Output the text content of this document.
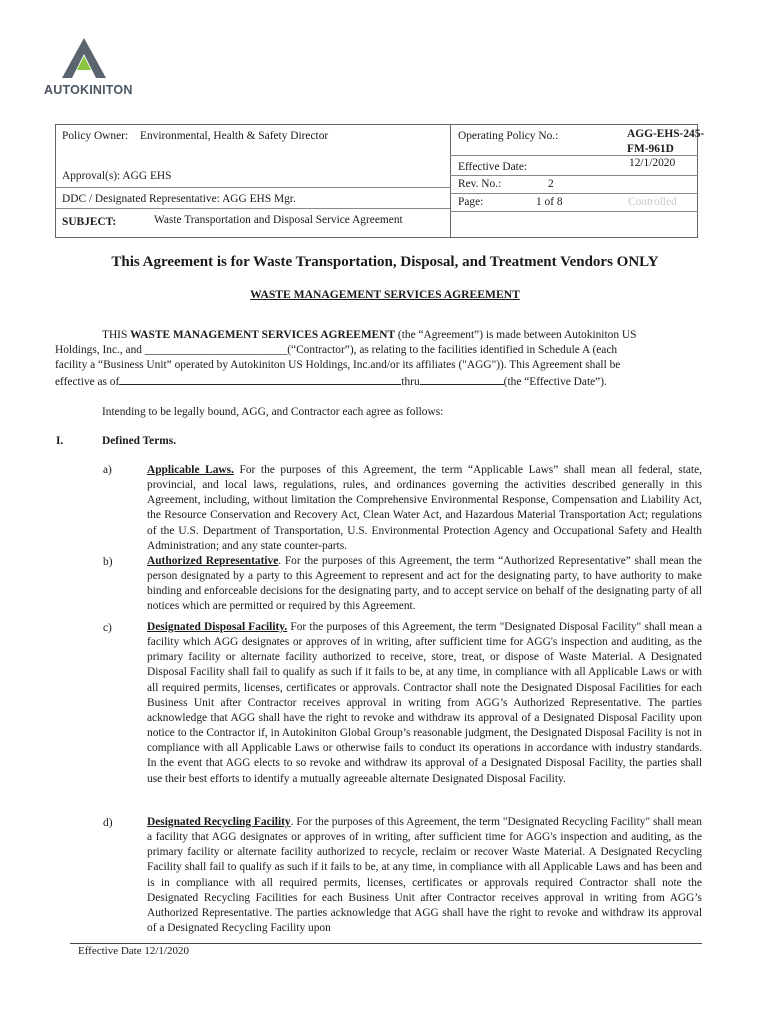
AUTOKINITON
Policy Owner: Environmental, Health & Safety Director
Approval(s): AGG EHS
DDC / Designated Representative: AGG EHS Mgr.
SUBJECT:	Waste Transportation and Disposal Service Agreement
Operating Policy No.:	AGG-EHS-245-
FM-961D
Effective Date:	12/1/2020
Rev. No.:	2
Page:	1 of 8	Controlled
This Agreement is for Waste Transportation, Disposal, and Treatment Vendors ONLY
WASTE MANAGEMENT SERVICES AGREEMENT
THIS WASTE MANAGEMENT SERVICES AGREEMENT (the “Agreement”) is made between Autokiniton US
Holdings, Inc., and _________________________(“Contractor”), as relating to the facilities identified in Schedule A (each
facility a “Business Unit” operated by Autokiniton US Holdings, Inc.and/or its affiliates ("AGG")). This Agreement shall be
effective as of	thru	(the “Effective Date”).
Intending to be legally bound, AGG, and Contractor each agree as follows:
I.	Defined Terms.
a)	Applicable Laws. For the purposes of this Agreement, the term “Applicable Laws” shall mean all federal, state, provincial, and local laws, regulations, rules, and ordinances governing the activities described generally in this Agreement, including, without limitation the Comprehensive Environmental Response, Compensation and Liability Act, the Resource Conservation and Recovery Act, Clean Water Act, and Hazardous Material Transportation Act; regulations of the U.S. Department of Transportation, U.S. Environmental Protection Agency and Occupational Safety and Health Administration; and any state counter-parts.
b)	Authorized Representative. For the purposes of this Agreement, the term “Authorized Representative” shall mean the person designated by a party to this Agreement to represent and act for the designating party, to have authority to make binding and enforceable decisions for the designating party, and to accept service on behalf of the designating party of all notices which are permitted or required by this Agreement.
c)	Designated Disposal Facility. For the purposes of this Agreement, the term "Designated Disposal Facility" shall mean a facility which AGG designates or approves of in writing, after sufficient time for AGG's inspection and auditing, as the primary facility or alternate facility authorized to receive, store, treat, or dispose of Waste Material. A Designated Disposal Facility shall fail to qualify as such if it fails to be, at any time, in compliance with all Applicable Laws or with all required permits, licenses, certificates or approvals. Contractor shall note the Designated Disposal Facilities for each Business Unit after Contractor receives approval in writing from AGG’s Authorized Representative. The parties acknowledge that AGG shall have the right to revoke and withdraw its approval of a Designated Disposal Facility upon notice to the Contractor if, in Autokiniton Global Group’s reasonable judgment, the Designated Disposal Facility is not in compliance with all Applicable Laws or otherwise fails to conduct its operations in accordance with industry standards. In the event that AGG elects to so revoke and withdraw its approval of a Designated Disposal Facility, the parties shall use their best efforts to identify a mutually agreeable alternate Designated Disposal Facility.
d)	Designated Recycling Facility. For the purposes of this Agreement, the term "Designated Recycling Facility" shall mean a facility that AGG designates or approves of in writing, after sufficient time for AGG's inspection and auditing, as the primary facility or alternate facility authorized to recycle, reclaim or recover Waste Material. A Designated Recycling Facility shall fail to qualify as such if it fails to be, at any time, in compliance with all Applicable Laws and has been and is in compliance with all required permits, licenses, certificates or approvals required Contractor shall note the Designated Recycling Facilities for each Business Unit after Contractor receives approval in writing from AGG’s Authorized Representative. The parties acknowledge that AGG shall have the right to revoke and withdraw its approval of a Designated Recycling Facility upon
Effective Date 12/1/2020
